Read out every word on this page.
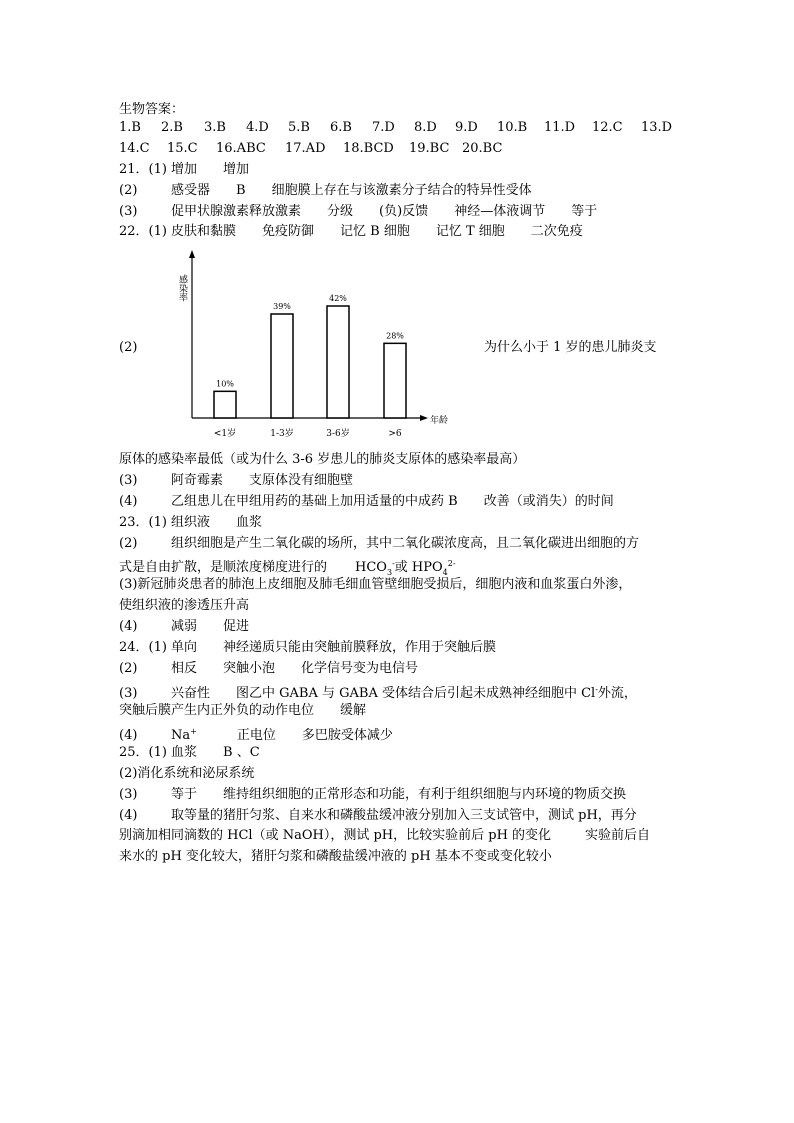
生物答案：
1.B 2.B 3.B 4.D 5.B 6.B 7.D 8.D 9.D 10.B 11.D 12.C 13.D
14.C 15.C 16.ABC 17.AD 18.BCD 19.BC 20.BC
21．(1) 增加 增加
(2)	感受器 B 细胞膜上存在与该激素分子结合的特异性受体
(3)	促甲状腺激素释放激素 分级 (负)反馈 神经—体液调节 等于
22．(1) 皮肤和黏膜 免疫防御 记忆 B 细胞 记忆 T 细胞 二次免疫
(2)
感染率
年龄
10%
<1岁
39%
1-3岁
42%
3-6岁
28%
>6
为什么小于 1 岁的患儿肺炎支
原体的感染率最低（或为什么 3-6 岁患儿的肺炎支原体的感染率最高）
(3)	阿奇霉素 支原体没有细胞壁
(4)	乙组患儿在甲组用药的基础上加用适量的中成药 B 改善（或消失）的时间
23．(1) 组织液 血浆
(2)	组织细胞是产生二氧化碳的场所，其中二氧化碳浓度高，且二氧化碳进出细胞的方
式是自由扩散，是顺浓度梯度进行的 $HCO_3^-$或 $HPO_4^{2-}$
(3)新冠肺炎患者的肺泡上皮细胞及肺毛细血管壁细胞受损后，细胞内液和血浆蛋白外渗，
使组织液的渗透压升高
(4)	减弱 促进
24．(1) 单向 神经递质只能由突触前膜释放，作用于突触后膜
(2)	相反 突触小泡 化学信号变为电信号
(3)	兴奋性 图乙中 GABA 与 GABA 受体结合后引起未成熟神经细胞中 Cl-外流，
突触后膜产生内正外负的动作电位 缓解
(4)	Na+	正电位 多巴胺受体减少
25．(1) 血浆 B 、C
(2)消化系统和泌尿系统
(3)	等于 维持组织细胞的正常形态和功能，有利于组织细胞与内环境的物质交换
(4)	取等量的猪肝匀浆、自来水和磷酸盐缓冲液分别加入三支试管中，测试 pH，再分
别滴加相同滴数的 HCl（或 NaOH），测试 pH，比较实验前后 pH 的变化	实验前后自
来水的 pH 变化较大，猪肝匀浆和磷酸盐缓冲液的 pH 基本不变或变化较小
